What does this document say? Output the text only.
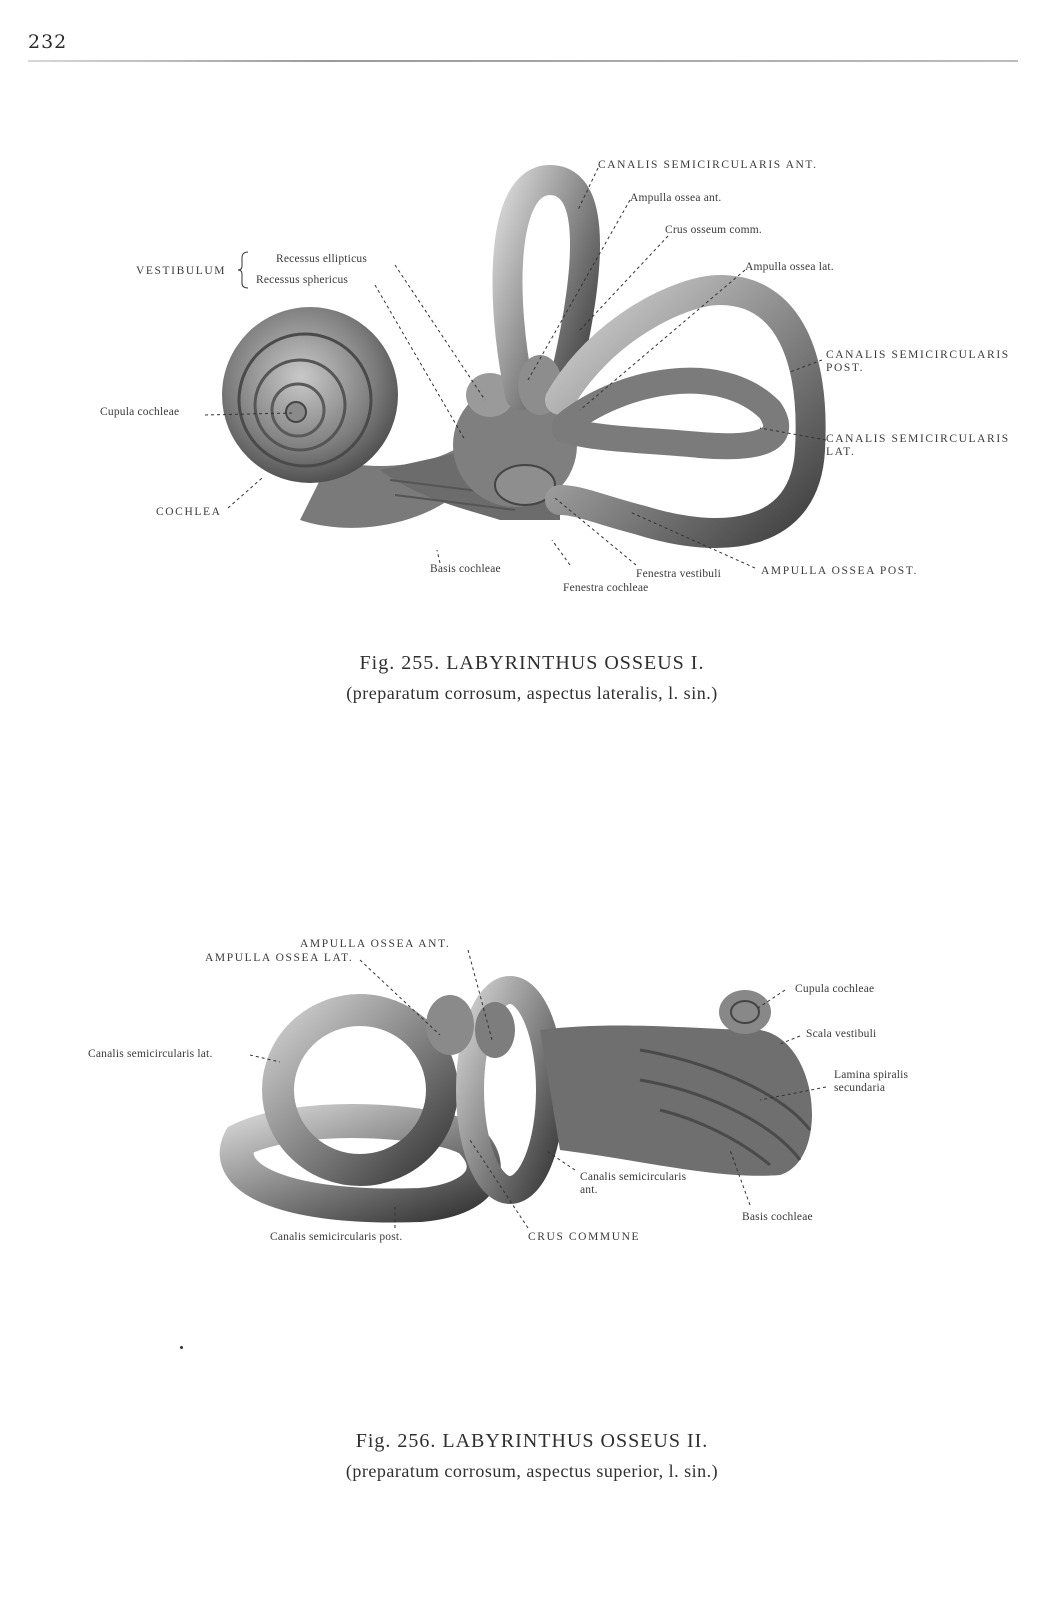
232
CANALIS SEMICIRCULARIS ANT.
Ampulla ossea ant.
Crus osseum comm.
Ampulla ossea lat.
VESTIBULUM
Recessus ellipticus
Recessus sphericus
CANALIS SEMICIRCULARIS
POST.
Cupula cochleae
CANALIS SEMICIRCULARIS
LAT.
COCHLEA
Basis cochleae	Fenestra vestibuli
Fenestra cochleae
AMPULLA OSSEA POST.
Fig. 255. LABYRINTHUS OSSEUS I.
(preparatum corrosum, aspectus lateralis, l. sin.)
AMPULLA OSSEA ANT.
AMPULLA OSSEA LAT.
Cupula cochleae
Scala vestibuli
Canalis semicircularis lat.
Lamina spiralis
secundaria
Canalis semicircularis
ant.
Basis cochleae
Canalis semicircularis post.	CRUS COMMUNE
Fig. 256. LABYRINTHUS OSSEUS II.
(preparatum corrosum, aspectus superior, l. sin.)
